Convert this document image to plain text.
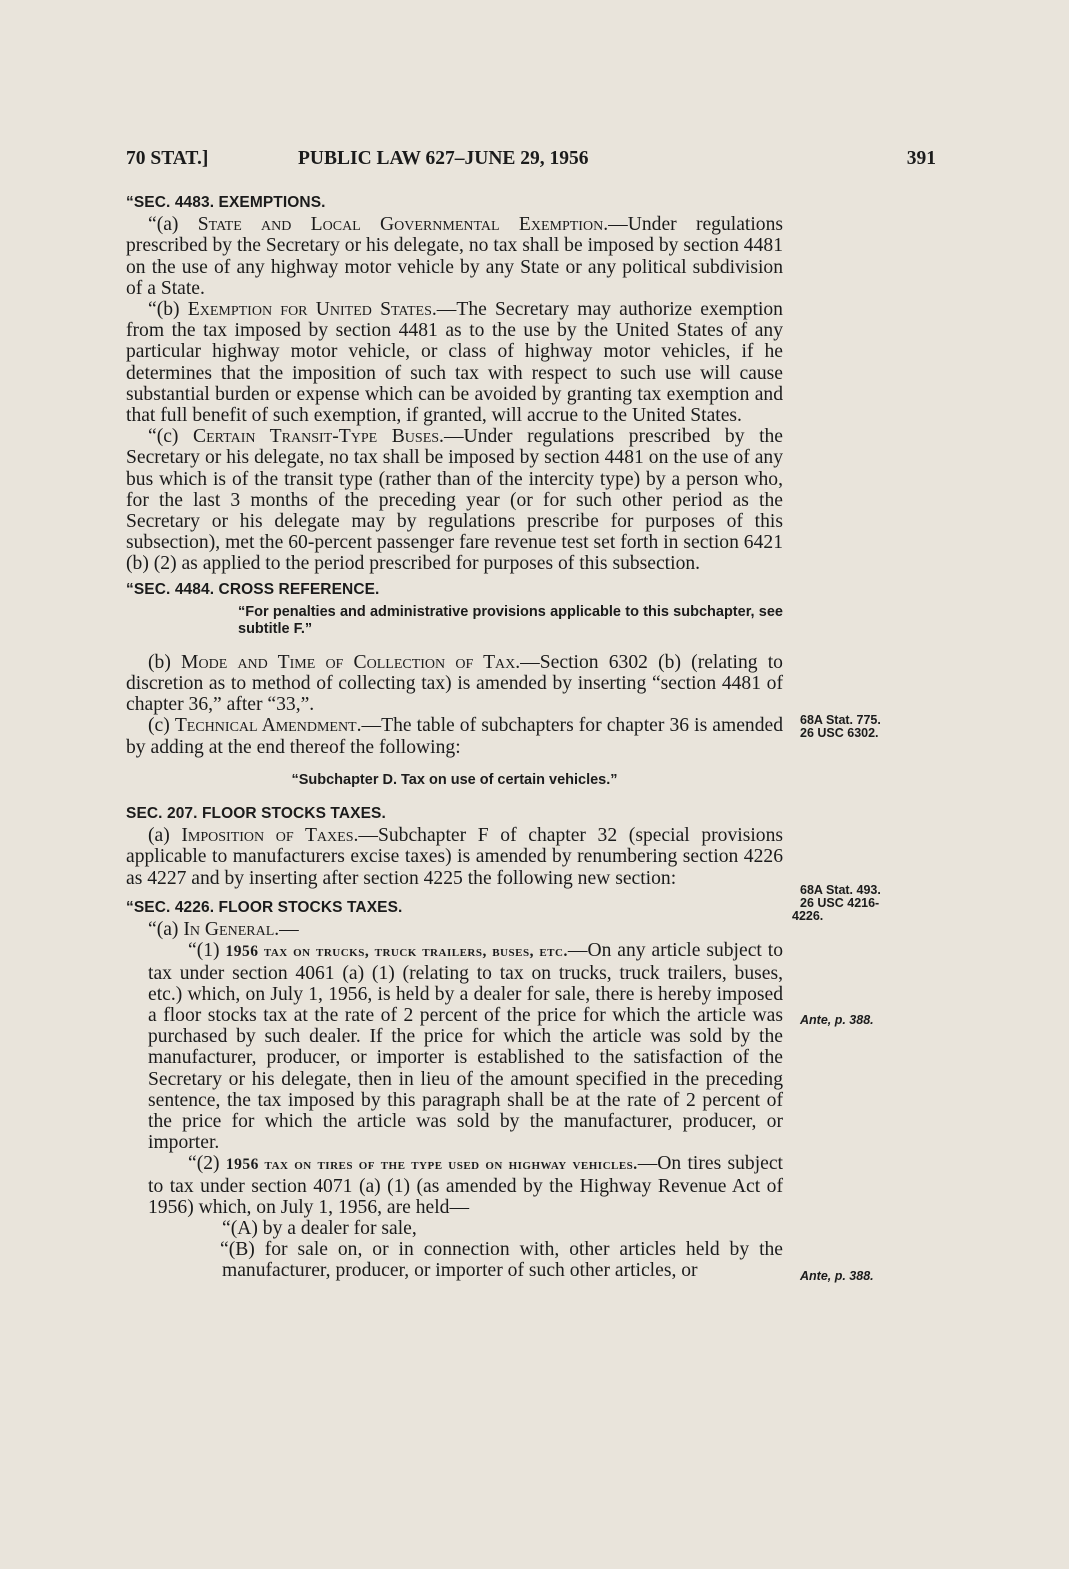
70 STAT.]	PUBLIC LAW 627–JUNE 29, 1956	391

“SEC. 4483. EXEMPTIONS.

“(a) State and Local Governmental Exemption.—Under regulations prescribed by the Secretary or his delegate, no tax shall be imposed by section 4481 on the use of any highway motor vehicle by any State or any political subdivision of a State.

“(b) Exemption for United States.—The Secretary may authorize exemption from the tax imposed by section 4481 as to the use by the United States of any particular highway motor vehicle, or class of highway motor vehicles, if he determines that the imposition of such tax with respect to such use will cause substantial burden or expense which can be avoided by granting tax exemption and that full benefit of such exemption, if granted, will accrue to the United States.

“(c) Certain Transit-Type Buses.—Under regulations prescribed by the Secretary or his delegate, no tax shall be imposed by section 4481 on the use of any bus which is of the transit type (rather than of the intercity type) by a person who, for the last 3 months of the preceding year (or for such other period as the Secretary or his delegate may by regulations prescribe for purposes of this subsection), met the 60-percent passenger fare revenue test set forth in section 6421 (b) (2) as applied to the period prescribed for purposes of this subsection.

“SEC. 4484. CROSS REFERENCE.

“For penalties and administrative provisions applicable to this subchapter, see subtitle F.”

(b) Mode and Time of Collection of Tax.—Section 6302 (b) (relating to discretion as to method of collecting tax) is amended by inserting “section 4481 of chapter 36,” after “33,”.

(c) Technical Amendment.—The table of subchapters for chapter 36 is amended by adding at the end thereof the following:

“Subchapter D. Tax on use of certain vehicles.”

SEC. 207. FLOOR STOCKS TAXES.

(a) Imposition of Taxes.—Subchapter F of chapter 32 (special provisions applicable to manufacturers excise taxes) is amended by renumbering section 4226 as 4227 and by inserting after section 4225 the following new section:

“SEC. 4226. FLOOR STOCKS TAXES.

“(a) In General.—

“(1) 1956 tax on trucks, truck trailers, buses, etc.—On any article subject to tax under section 4061 (a) (1) (relating to tax on trucks, truck trailers, buses, etc.) which, on July 1, 1956, is held by a dealer for sale, there is hereby imposed a floor stocks tax at the rate of 2 percent of the price for which the article was purchased by such dealer. If the price for which the article was sold by the manufacturer, producer, or importer is established to the satisfaction of the Secretary or his delegate, then in lieu of the amount specified in the preceding sentence, the tax imposed by this paragraph shall be at the rate of 2 percent of the price for which the article was sold by the manufacturer, producer, or importer.

“(2) 1956 tax on tires of the type used on highway vehicles.—On tires subject to tax under section 4071 (a) (1) (as amended by the Highway Revenue Act of 1956) which, on July 1, 1956, are held—

“(A) by a dealer for sale,

“(B) for sale on, or in connection with, other articles held by the manufacturer, producer, or importer of such other articles, or

68A Stat. 775.
26 USC 6302.
68A Stat. 493.
26 USC 4216-
4226.
Ante, p. 388.
Ante, p. 388.
